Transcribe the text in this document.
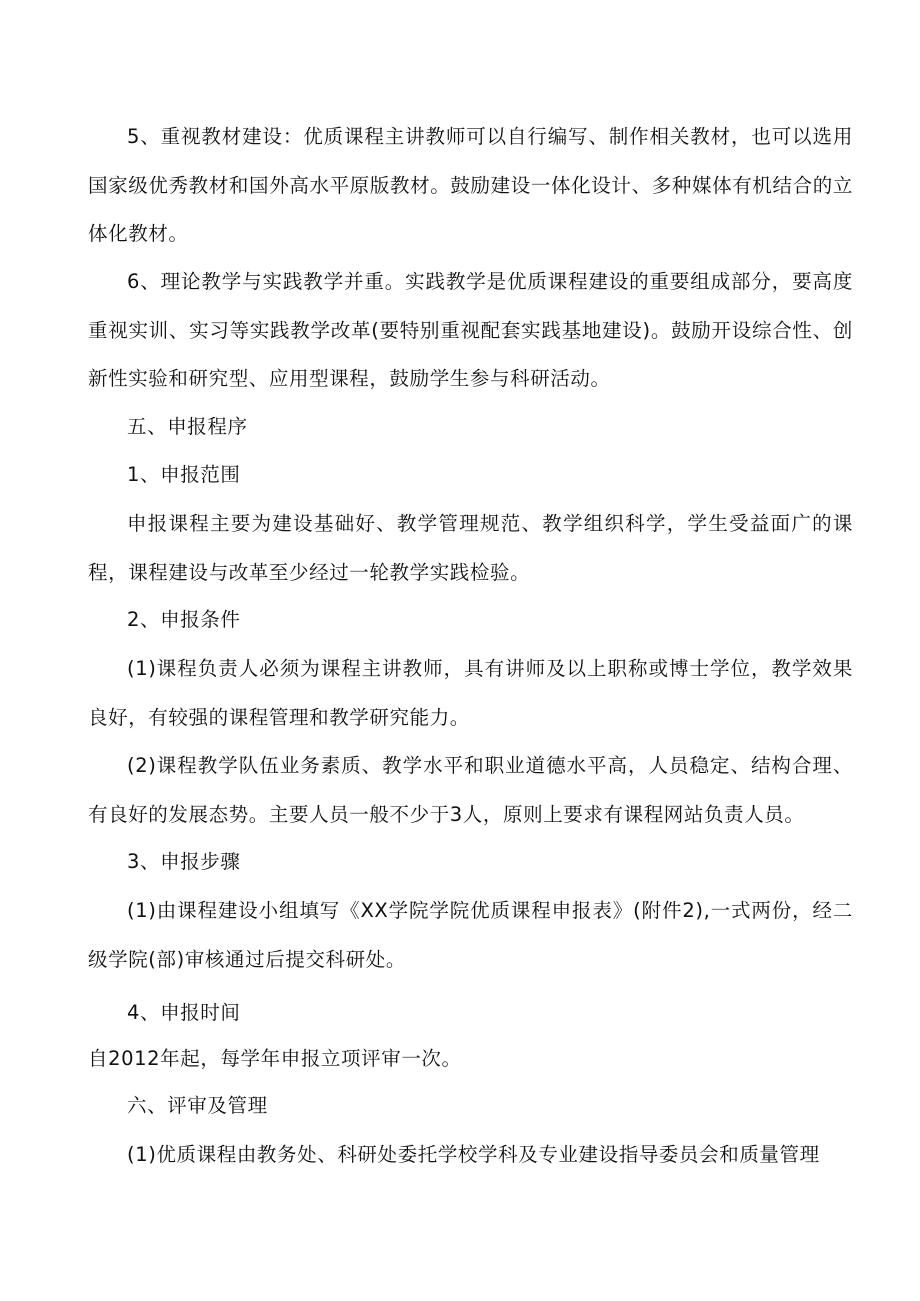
5、重视教材建设：优质课程主讲教师可以自行编写、制作相关教材，也可以选用国家级优秀教材和国外高水平原版教材。鼓励建设一体化设计、多种媒体有机结合的立体化教材。

6、理论教学与实践教学并重。实践教学是优质课程建设的重要组成部分，要高度重视实训、实习等实践教学改革(要特别重视配套实践基地建设)。鼓励开设综合性、创新性实验和研究型、应用型课程，鼓励学生参与科研活动。

五、申报程序

1、申报范围

申报课程主要为建设基础好、教学管理规范、教学组织科学，学生受益面广的课程，课程建设与改革至少经过一轮教学实践检验。

2、申报条件

(1)课程负责人必须为课程主讲教师，具有讲师及以上职称或博士学位，教学效果良好，有较强的课程管理和教学研究能力。

(2)课程教学队伍业务素质、教学水平和职业道德水平高，人员稳定、结构合理、有良好的发展态势。主要人员一般不少于3人，原则上要求有课程网站负责人员。

3、申报步骤

(1)由课程建设小组填写《XX学院学院优质课程申报表》(附件2),一式两份，经二级学院(部)审核通过后提交科研处。

4、申报时间

自2012年起，每学年申报立项评审一次。

六、评审及管理

(1)优质课程由教务处、科研处委托学校学科及专业建设指导委员会和质量管理
